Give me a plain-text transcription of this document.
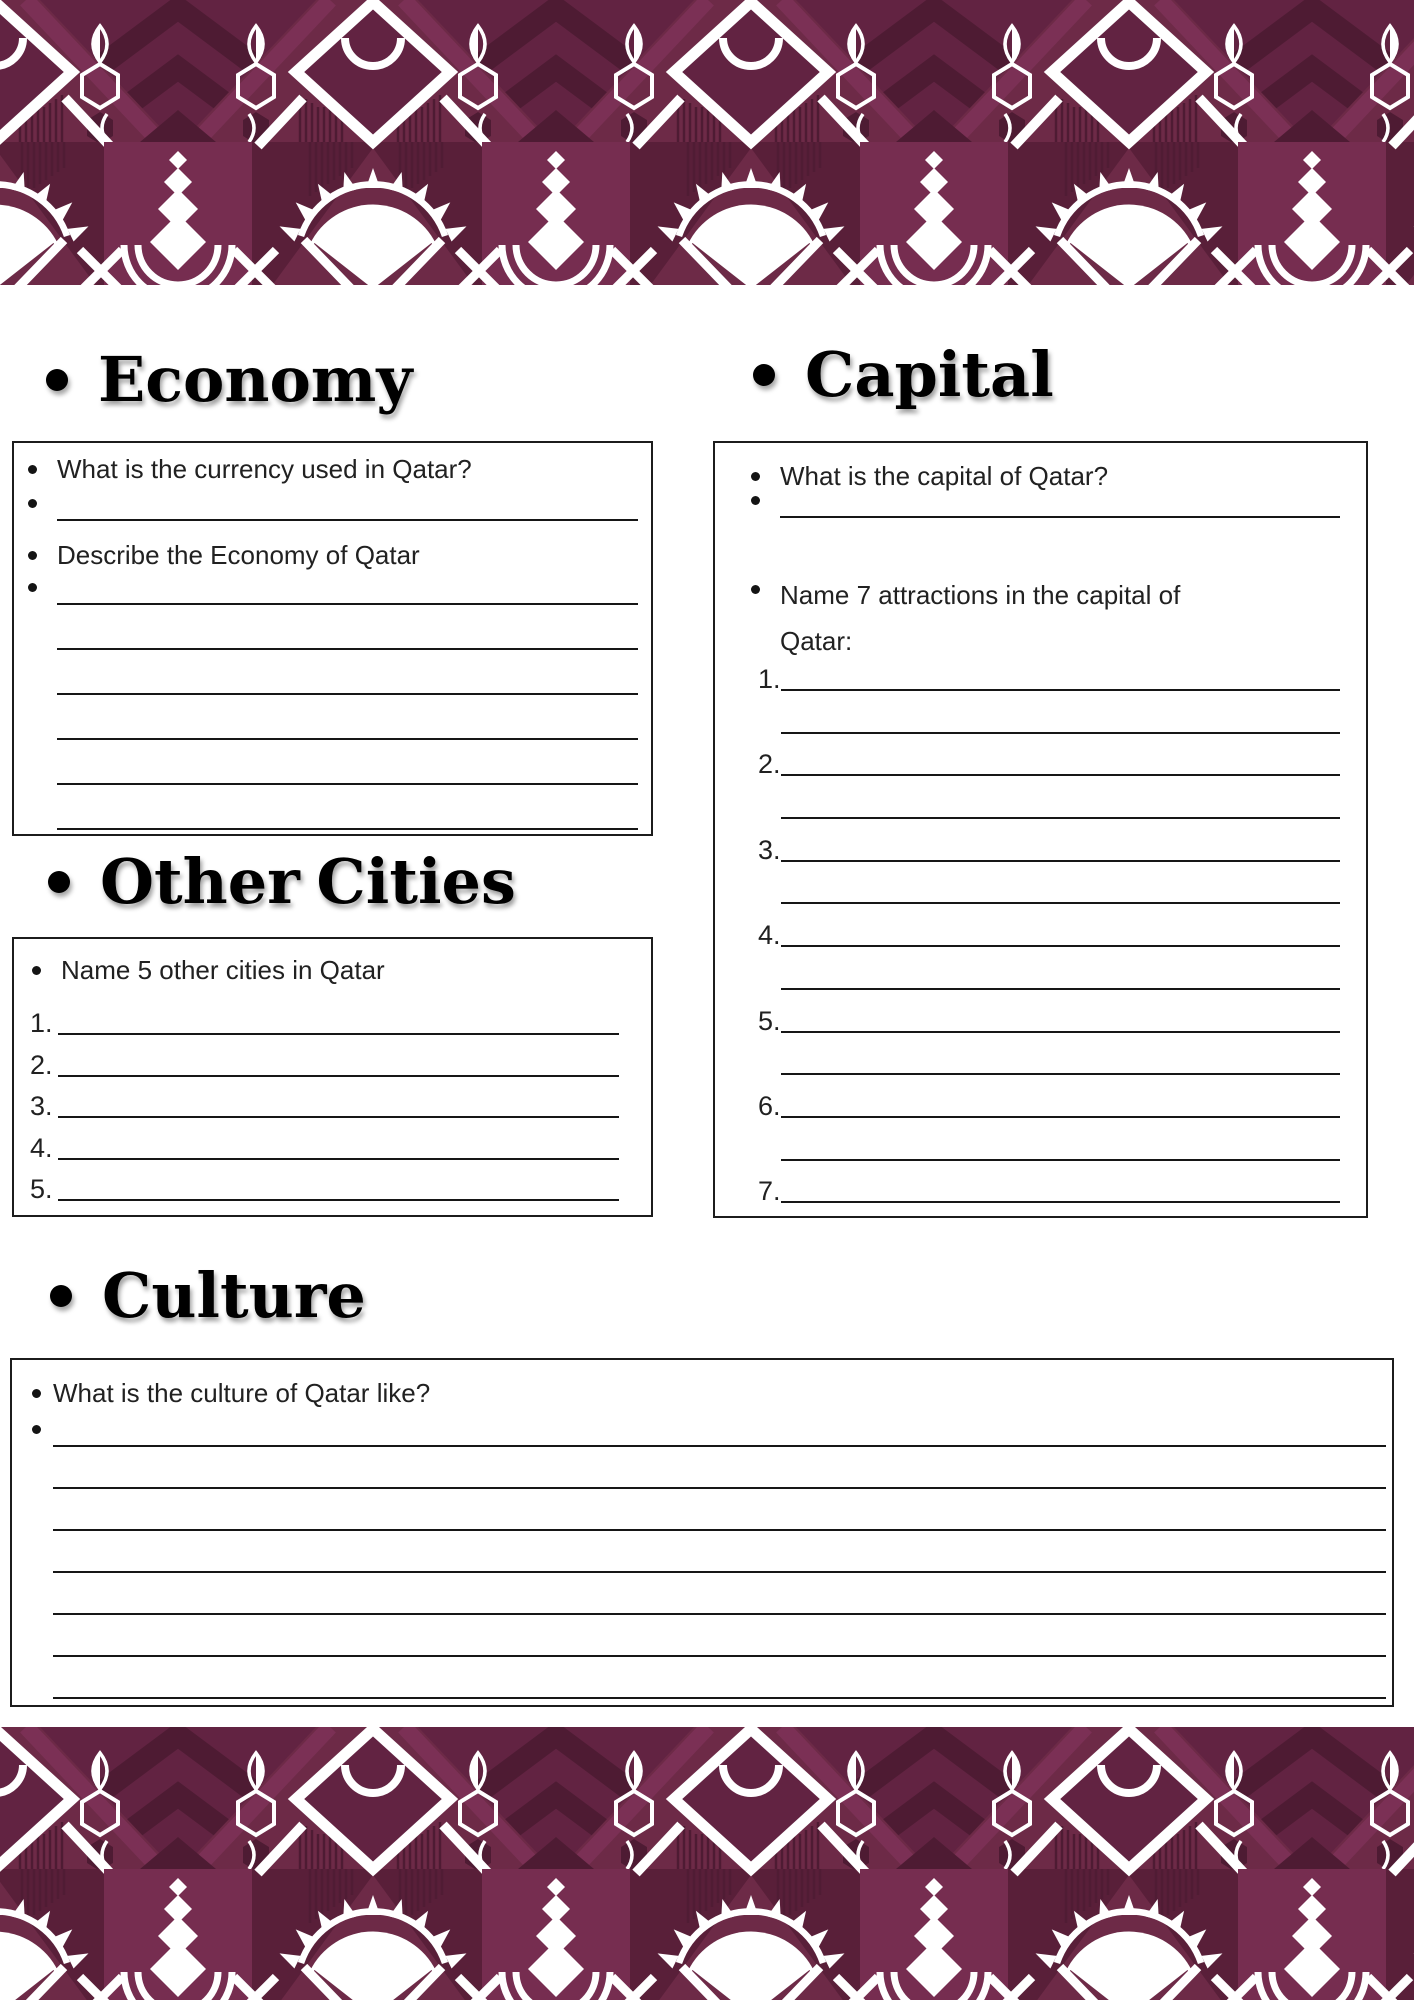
Economy
What is the currency used in Qatar?
Describe the Economy of Qatar
Capital
What is the capital of Qatar?
Name 7 attractions in the capital of
Qatar:
1.
2.
3.
4.
5.
6.
7.
Other Cities
Name 5 other cities in Qatar
1.
2.
3.
4.
5.
Culture
What is the culture of Qatar like?
